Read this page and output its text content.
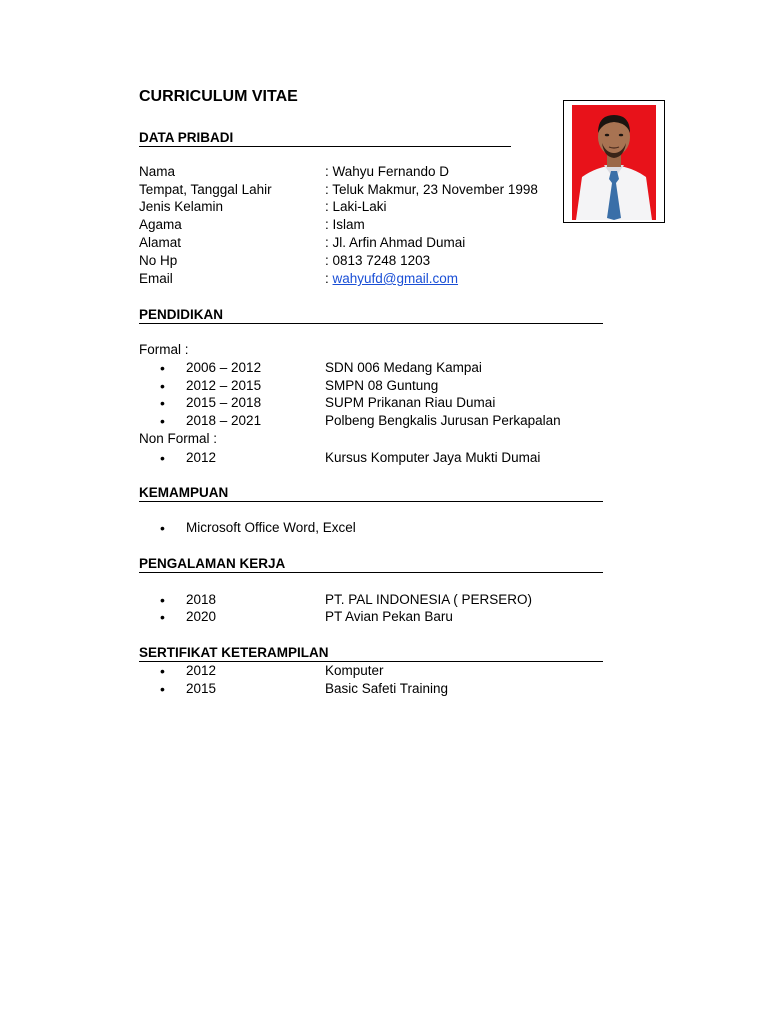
CURRICULUM VITAE
DATA PRIBADI
Nama	: Wahyu Fernando D
Tempat, Tanggal Lahir	: Teluk Makmur, 23 November 1998
Jenis Kelamin	: Laki-Laki
Agama	: Islam
Alamat	: Jl. Arfin Ahmad Dumai
No Hp	: 0813 7248 1203
Email	: wahyufd@gmail.com
PENDIDIKAN
Formal :
• 2006 – 2012	SDN 006 Medang Kampai
• 2012 – 2015	SMPN 08 Guntung
• 2015 – 2018	SUPM Prikanan Riau Dumai
• 2018 – 2021	Polbeng Bengkalis Jurusan Perkapalan
Non Formal :
• 2012	Kursus Komputer Jaya Mukti Dumai
KEMAMPUAN
• Microsoft Office Word, Excel
PENGALAMAN KERJA
• 2018	PT. PAL INDONESIA ( PERSERO)
• 2020	PT Avian Pekan Baru
SERTIFIKAT KETERAMPILAN
• 2012	Komputer
• 2015	Basic Safeti Training
